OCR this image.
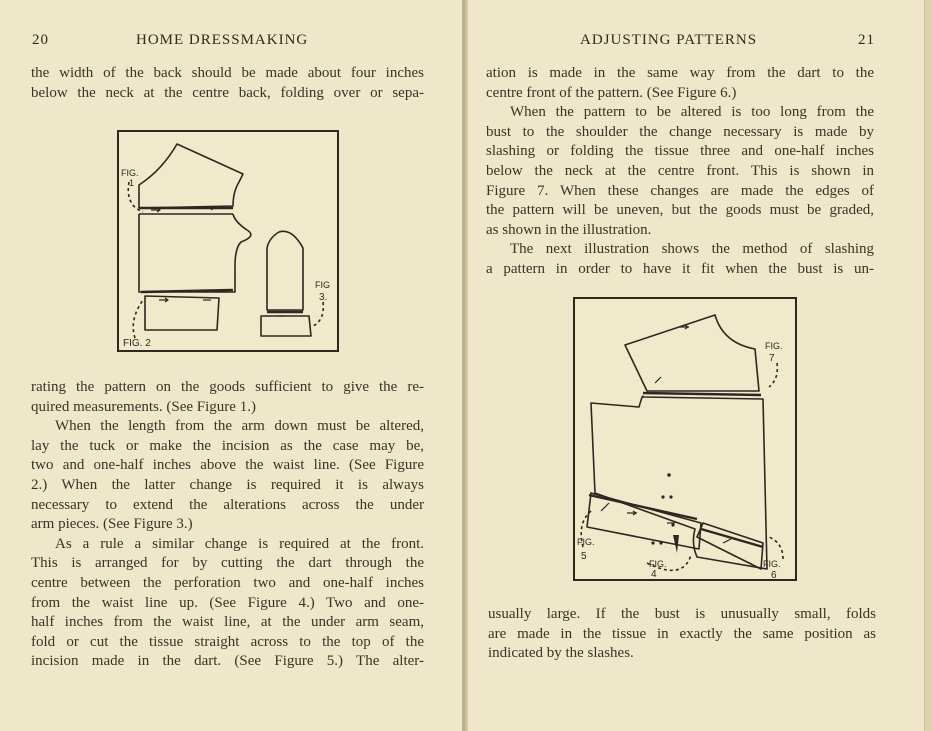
20	HOME DRESSMAKING

the width of the back should be made about four inches

below the neck at the centre back, folding over or sepa-

FIG.
1
FIG
3.
FIG. 2

rating the pattern on the goods sufficient to give the re-

quired measurements. (See Figure 1.)

When the length from the arm down must be altered,

lay the tuck or make the incision as the case may be,

two and one-half inches above the waist line. (See Figure

2.) When the latter change is required it is always

necessary to extend the alterations across the under

arm pieces. (See Figure 3.)

As a rule a similar change is required at the front.

This is arranged for by cutting the dart through the

centre between the perforation two and one-half inches

from the waist line up. (See Figure 4.) Two and one-

half inches from the waist line, at the under arm seam,

fold or cut the tissue straight across to the top of the

incision made in the dart. (See Figure 5.) The alter-

ADJUSTING PATTERNS	21

ation is made in the same way from the dart to the

centre front of the pattern. (See Figure 6.)

When the pattern to be altered is too long from the

bust to the shoulder the change necessary is made by

slashing or folding the tissue three and one-half inches

below the neck at the centre front. This is shown in

Figure 7. When these changes are made the edges of

the pattern will be uneven, but the goods must be graded,

as shown in the illustration.

The next illustration shows the method of slashing

a pattern in order to have it fit when the bust is un-

FIG.
7
FIG.
5
FIG.
4
FIG.
6

usually large. If the bust is unusually small, folds

are made in the tissue in exactly the same position as

indicated by the slashes.
